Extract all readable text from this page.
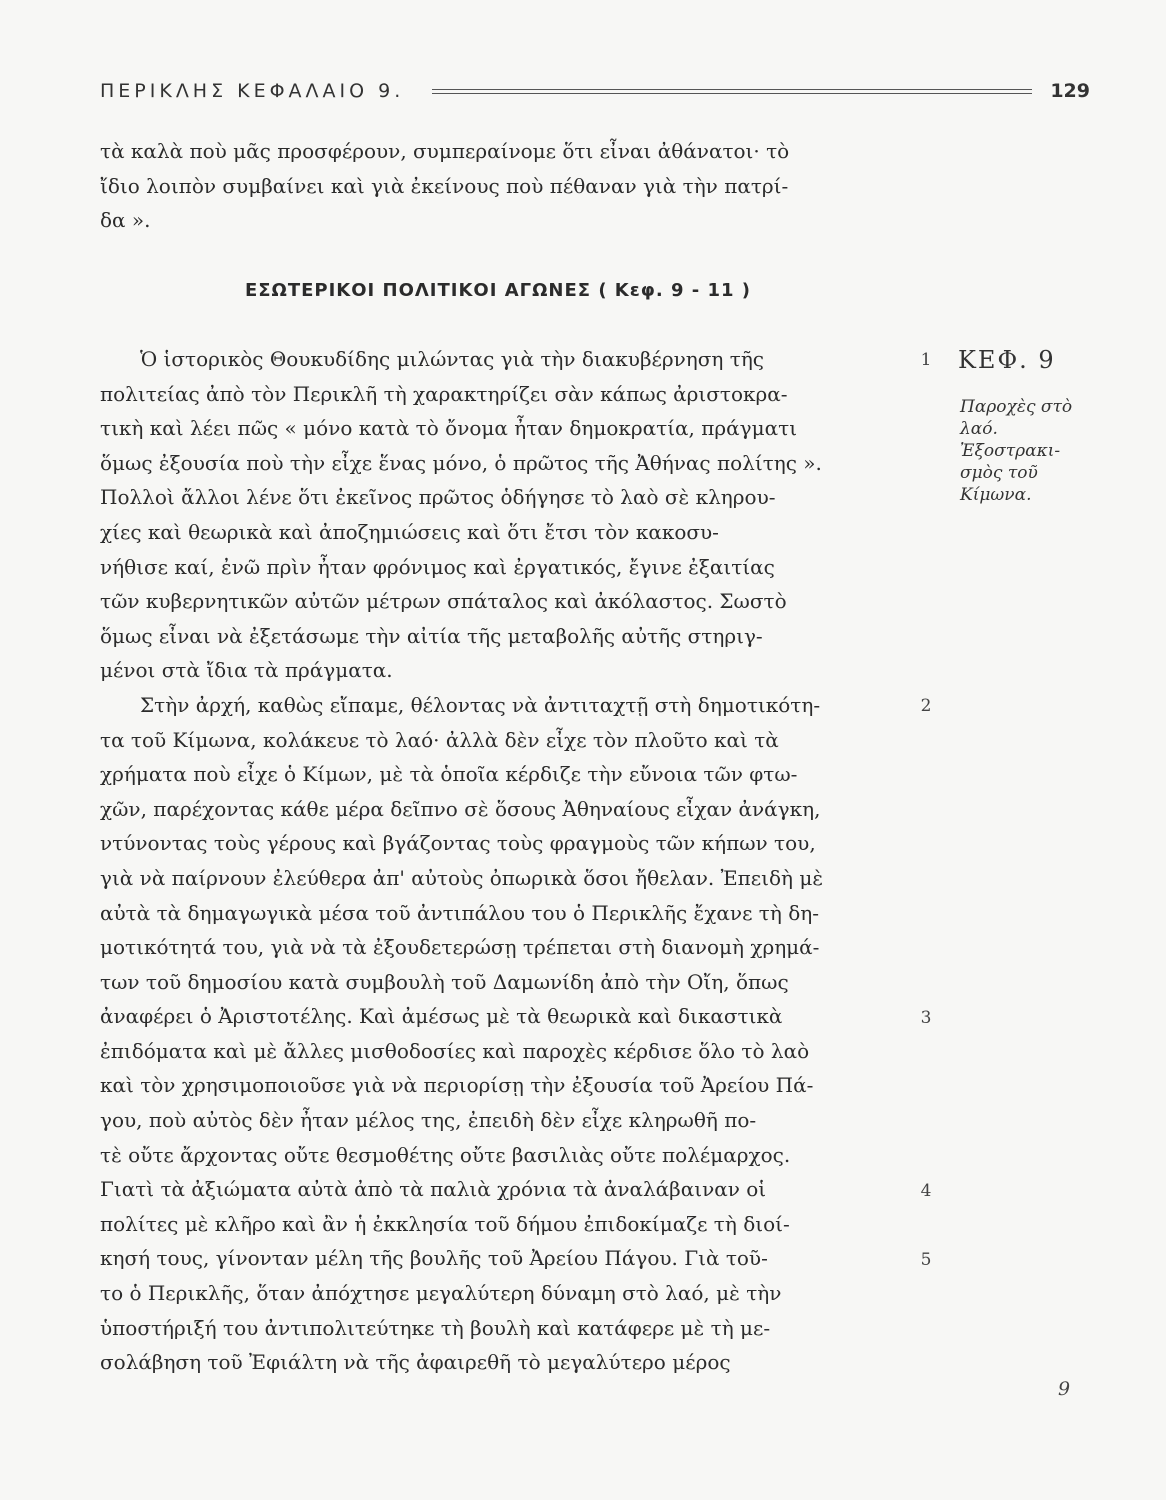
ΠΕΡΙΚΛΗΣ ΚΕΦΑΛΑΙΟ 9.	129

τὰ καλὰ ποὺ μᾶς προσφέρουν, συμπεραίνομε ὅτι εἶναι ἀθάνατοι· τὸ

ἴδιο λοιπὸν συμβαίνει καὶ γιὰ ἐκείνους ποὺ πέθαναν γιὰ τὴν πατρί-

δα ».

ΕΣΩΤΕΡΙΚΟΙ ΠΟΛΙΤΙΚΟΙ ΑΓΩΝΕΣ ( Κεφ. 9 - 11 )

Ὁ ἱστορικὸς Θουκυδίδης μιλώντας γιὰ τὴν διακυβέρνηση τῆς

πολιτείας ἀπὸ τὸν Περικλῆ τὴ χαρακτηρίζει σὰν κάπως ἀριστοκρα-

τικὴ καὶ λέει πῶς « μόνο κατὰ τὸ ὄνομα ἦταν δημοκρατία, πράγματι

ὅμως ἐξουσία ποὺ τὴν εἶχε ἕνας μόνο, ὁ πρῶτος τῆς Ἀθήνας πολίτης ».

Πολλοὶ ἄλλοι λένε ὅτι ἐκεῖνος πρῶτος ὁδήγησε τὸ λαὸ σὲ κληρου-

χίες καὶ θεωρικὰ καὶ ἀποζημιώσεις καὶ ὅτι ἔτσι τὸν κακοσυ-

νήθισε καί, ἐνῶ πρὶν ἦταν φρόνιμος καὶ ἐργατικός, ἔγινε ἐξαιτίας

τῶν κυβερνητικῶν αὐτῶν μέτρων σπάταλος καὶ ἀκόλαστος. Σωστὸ

ὅμως εἶναι νὰ ἐξετάσωμε τὴν αἰτία τῆς μεταβολῆς αὐτῆς στηριγ-

μένοι στὰ ἴδια τὰ πράγματα.

Στὴν ἀρχή, καθὼς εἴπαμε, θέλοντας νὰ ἀντιταχτῇ στὴ δημοτικότη-

τα τοῦ Κίμωνα, κολάκευε τὸ λαό· ἀλλὰ δὲν εἶχε τὸν πλοῦτο καὶ τὰ

χρήματα ποὺ εἶχε ὁ Κίμων, μὲ τὰ ὁποῖα κέρδιζε τὴν εὔνοια τῶν φτω-

χῶν, παρέχοντας κάθε μέρα δεῖπνο σὲ ὅσους Ἀθηναίους εἶχαν ἀνάγκη,

ντύνοντας τοὺς γέρους καὶ βγάζοντας τοὺς φραγμοὺς τῶν κήπων του,

γιὰ νὰ παίρνουν ἐλεύθερα ἀπ' αὐτοὺς ὀπωρικὰ ὅσοι ἤθελαν. Ἐπειδὴ μὲ

αὐτὰ τὰ δημαγωγικὰ μέσα τοῦ ἀντιπάλου του ὁ Περικλῆς ἔχανε τὴ δη-

μοτικότητά του, γιὰ νὰ τὰ ἐξουδετερώσῃ τρέπεται στὴ διανομὴ χρημά-

των τοῦ δημοσίου κατὰ συμβουλὴ τοῦ Δαμωνίδη ἀπὸ τὴν Οἴη, ὅπως

ἀναφέρει ὁ Ἀριστοτέλης. Καὶ ἀμέσως μὲ τὰ θεωρικὰ καὶ δικαστικὰ

ἐπιδόματα καὶ μὲ ἄλλες μισθοδοσίες καὶ παροχὲς κέρδισε ὅλο τὸ λαὸ

καὶ τὸν χρησιμοποιοῦσε γιὰ νὰ περιορίσῃ τὴν ἐξουσία τοῦ Ἀρείου Πά-

γου, ποὺ αὐτὸς δὲν ἦταν μέλος της, ἐπειδὴ δὲν εἶχε κληρωθῆ πο-

τὲ οὔτε ἄρχοντας οὔτε θεσμοθέτης οὔτε βασιλιὰς οὔτε πολέμαρχος.

Γιατὶ τὰ ἀξιώματα αὐτὰ ἀπὸ τὰ παλιὰ χρόνια τὰ ἀναλάβαιναν οἱ

πολίτες μὲ κλῆρο καὶ ἂν ἡ ἐκκλησία τοῦ δήμου ἐπιδοκίμαζε τὴ διοί-

κησή τους, γίνονταν μέλη τῆς βουλῆς τοῦ Ἀρείου Πάγου. Γιὰ τοῦ-

το ὁ Περικλῆς, ὅταν ἀπόχτησε μεγαλύτερη δύναμη στὸ λαό, μὲ τὴν

ὑποστήριξή του ἀντιπολιτεύτηκε τὴ βουλὴ καὶ κατάφερε μὲ τὴ με-

σολάβηση τοῦ Ἐφιάλτη νὰ τῆς ἀφαιρεθῆ τὸ μεγαλύτερο μέρος

1
2
3
4
5
ΚΕΦ. 9
Παροχὲς στὸ
λαό.
Ἐξοστρακι-
σμὸς τοῦ
Κίμωνα.
9
